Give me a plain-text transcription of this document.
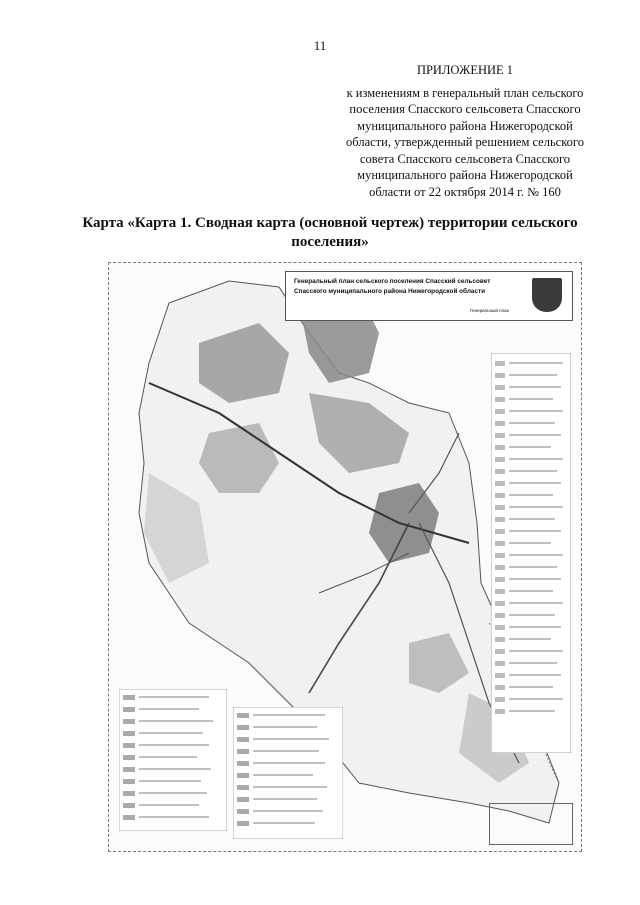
11
ПРИЛОЖЕНИЕ 1
к изменениям в генеральный план сельского
поселения Спасского сельсовета Спасского
муниципального района Нижегородской
области, утвержденный решением сельского
совета Спасского сельсовета Спасского
муниципального района Нижегородской
области от 22 октября 2014 г. № 160
Карта «Карта 1. Сводная карта (основной чертеж) территории сельского
поселения»
Генеральный план сельского поселения Спасский сельсовет
Спасского муниципального района Нижегородской области
Генеральный план
